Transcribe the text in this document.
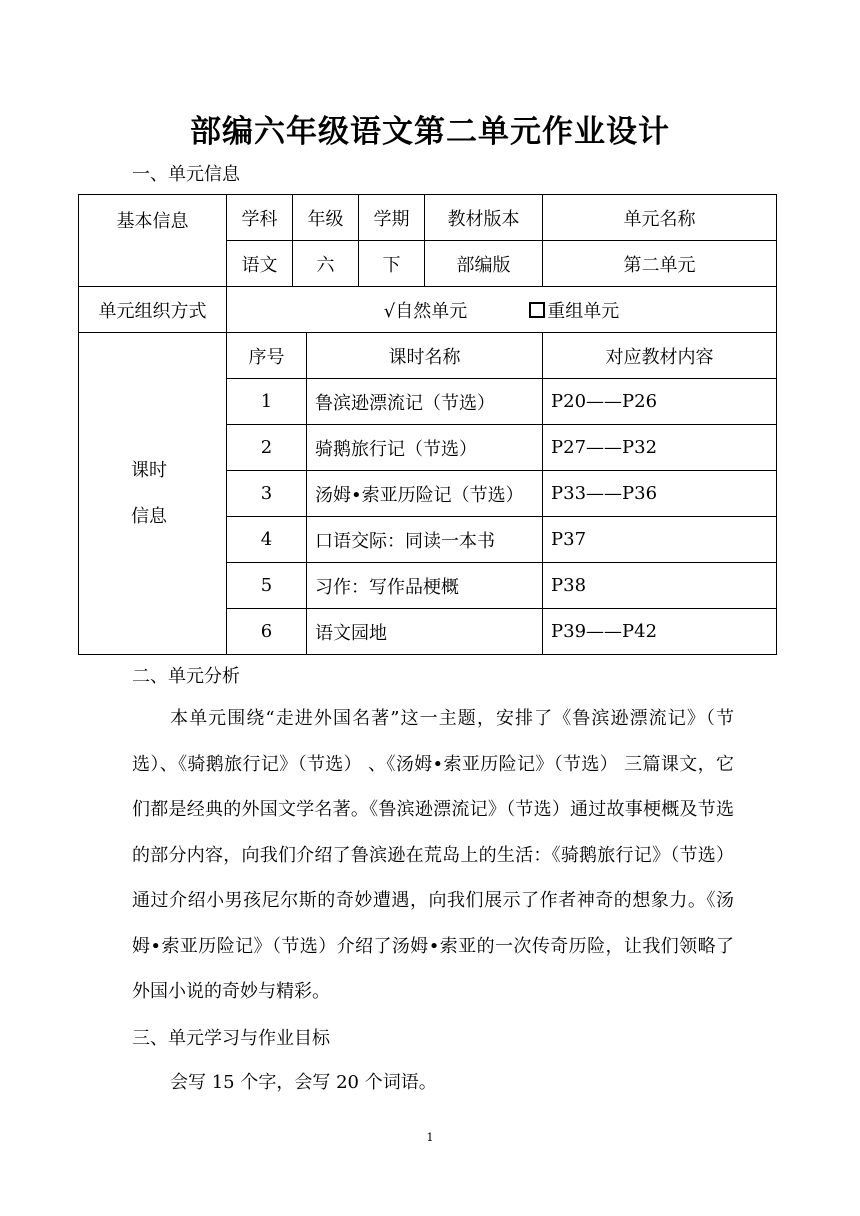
部编六年级语文第二单元作业设计
一、单元信息
基本信息	学科	年级		学期	教材版本	单元名称
	语文	六		下	部编版	第二单元
单元组织方式	√自然单元 重组单元					

课时
信息	序号		课时名称			对应教材内容
	1		鲁滨逊漂流记（节选）			P20——P26
	2		骑鹅旅行记（节选）			P27——P32
	3		汤姆•索亚历险记（节选）			P33——P36
	4		口语交际：同读一本书			P37
	5		习作：写作品梗概			P38
	6		语文园地			P39——P42
二、单元分析
本单元围绕“走进外国名著”这一主题，安排了《鲁滨逊漂流记》（节选）、《骑鹅旅行记》（节选） 、《汤姆•索亚历险记》（节选） 三篇课文，它们都是经典的外国文学名著。《鲁滨逊漂流记》（节选）通过故事梗概及节选的部分内容，向我们介绍了鲁滨逊在荒岛上的生活：《骑鹅旅行记》（节选）通过介绍小男孩尼尔斯的奇妙遭遇，向我们展示了作者神奇的想象力。《汤姆•索亚历险记》（节选）介绍了汤姆•索亚的一次传奇历险，让我们领略了外国小说的奇妙与精彩。
三、单元学习与作业目标
会写 15 个字，会写 20 个词语。
1
